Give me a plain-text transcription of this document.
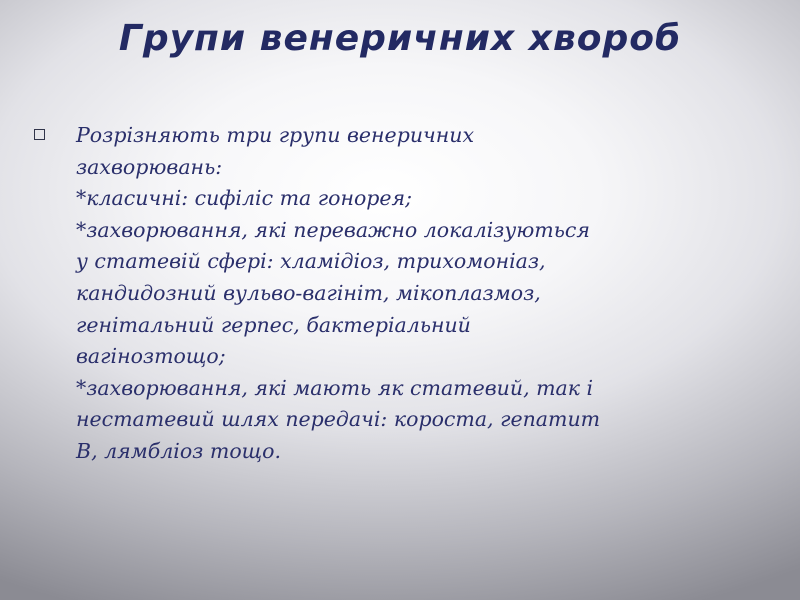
Групи венеричних хвороб
Розрізняють три групи венеричних
захворювань:
*класичні: сифіліс та гонорея;
*захворювання, які переважно локалізуються
у статевій сфері: хламідіоз, трихомоніаз,
кандидозний вульво-вагініт, мікоплазмоз,
генітальний герпес, бактеріальний
вагінозтощо;
*захворювання, які мають як статевий, так і
нестатевий шлях передачі: короста, гепатит
В, лямбліоз тощо.
